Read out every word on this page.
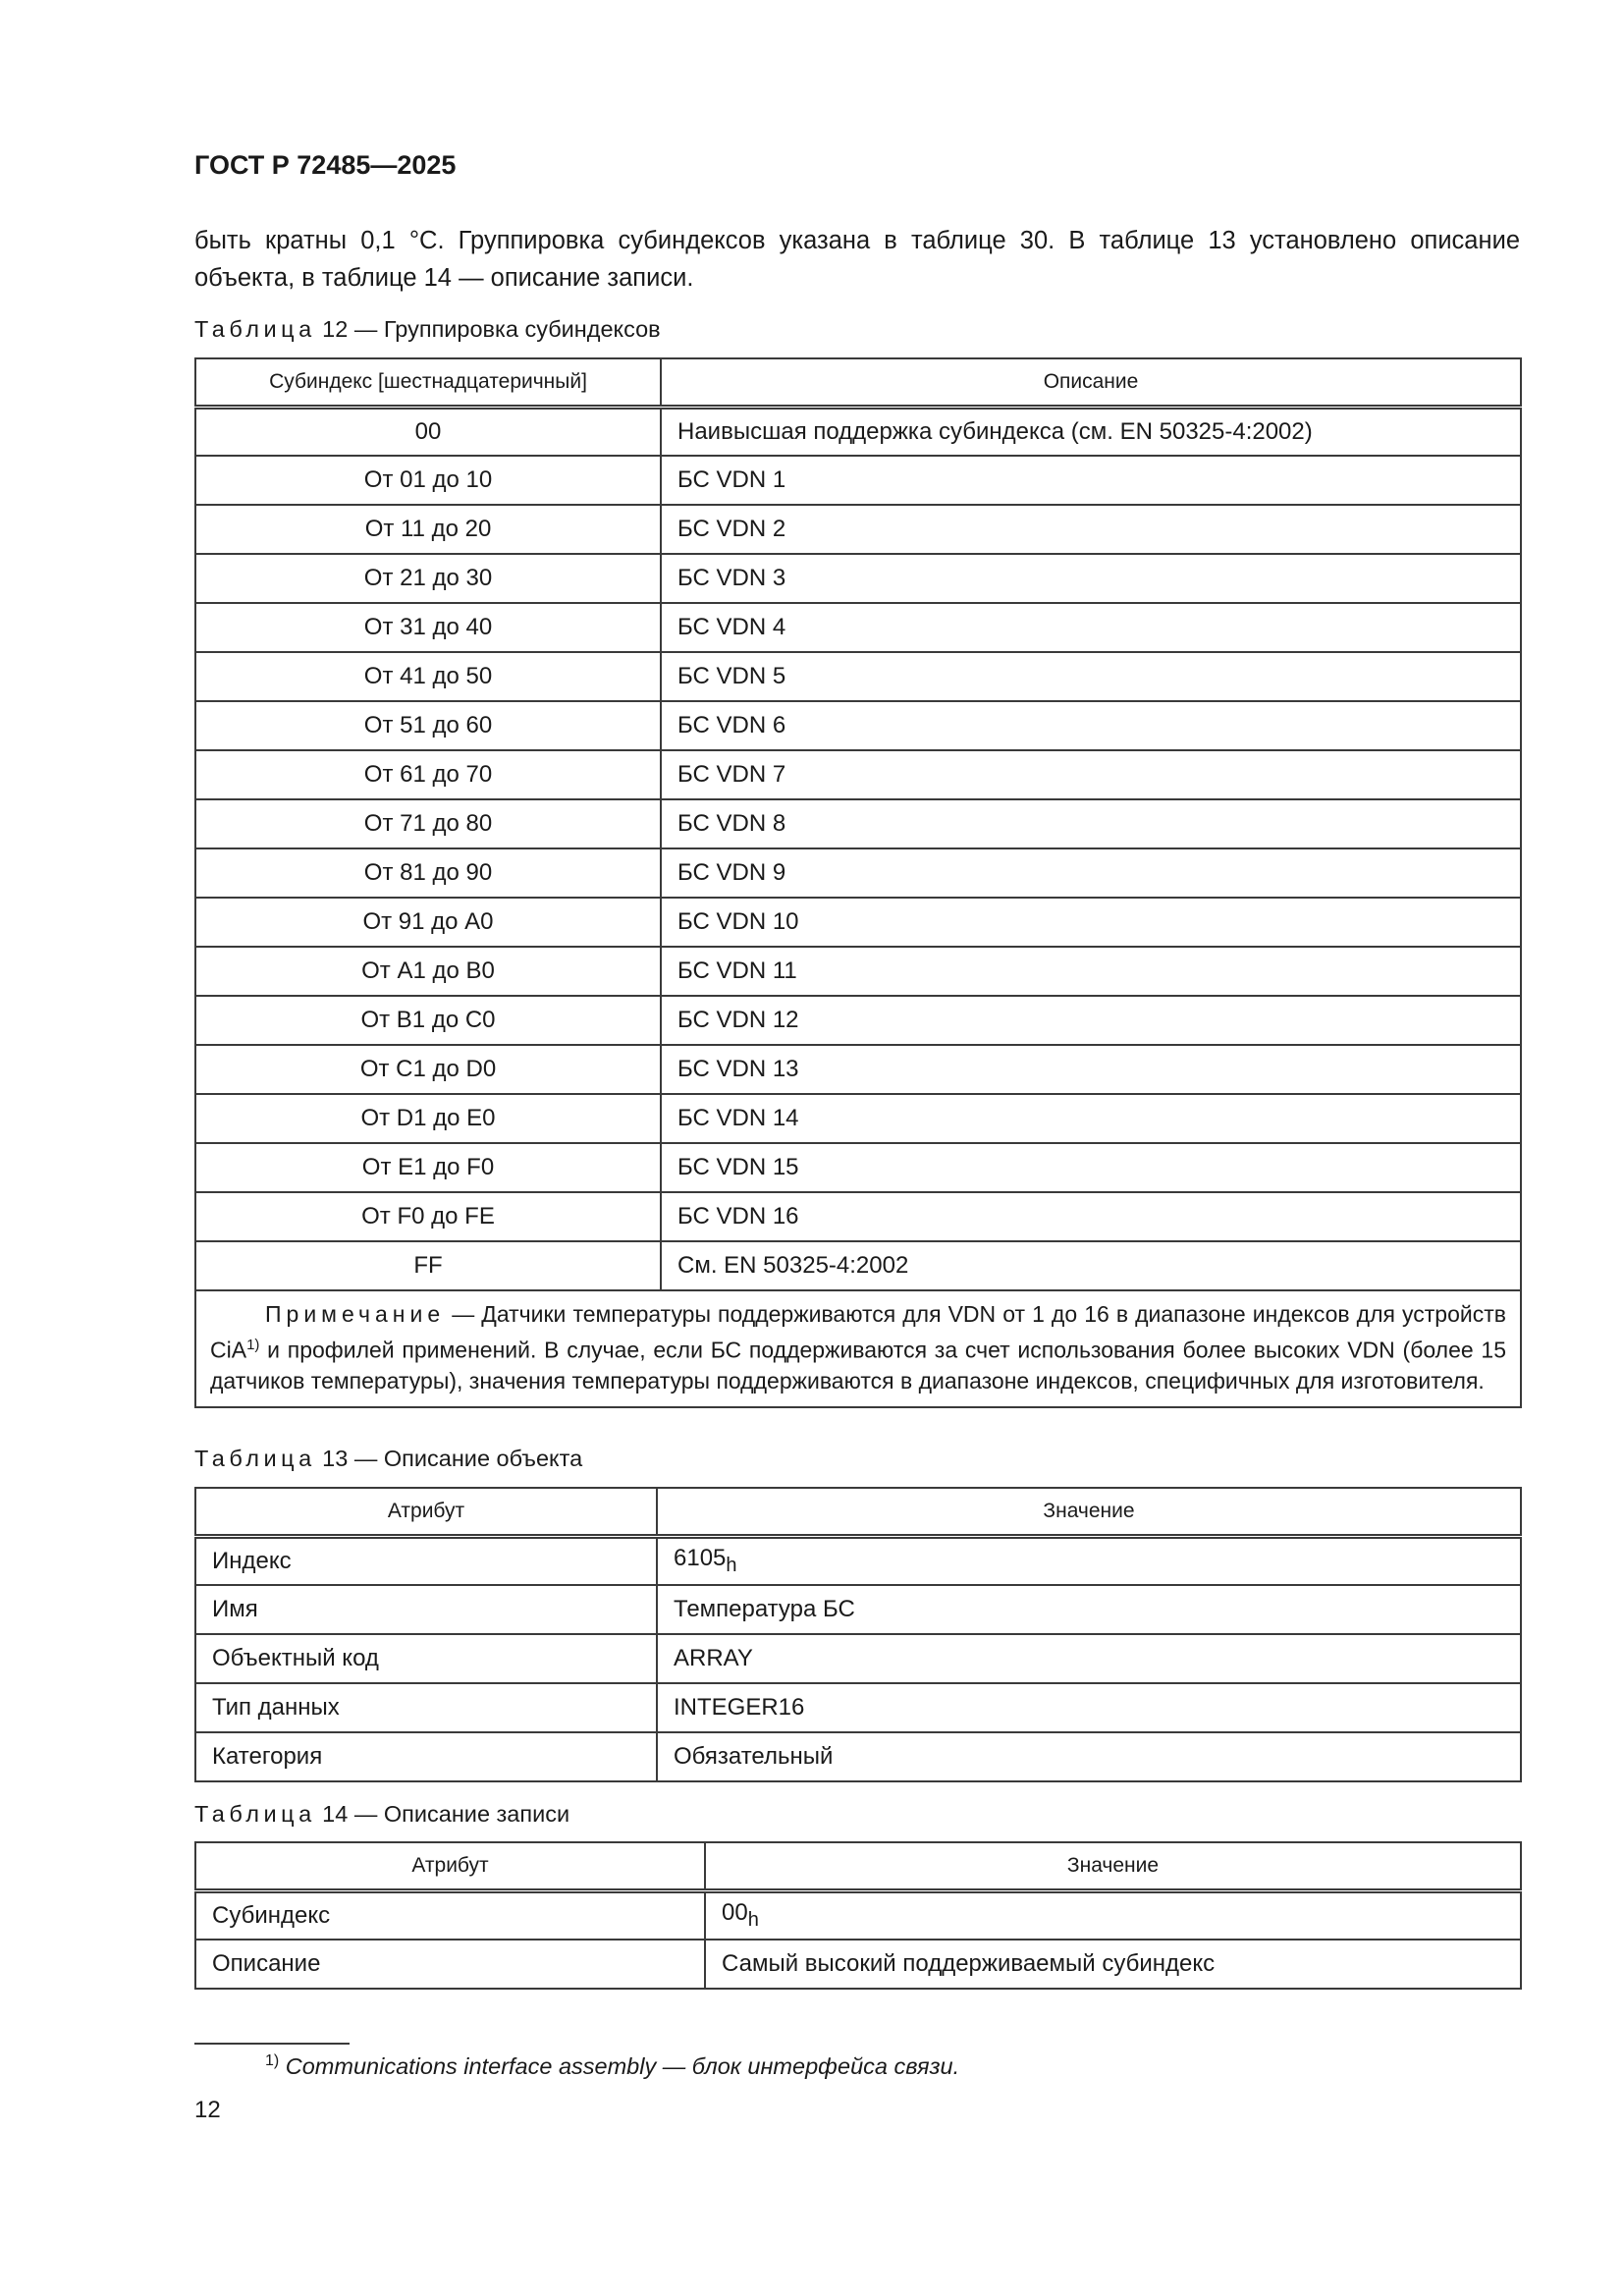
ГОСТ Р 72485—2025
быть кратны 0,1 °С. Группировка субиндексов указана в таблице 30. В таблице 13 установлено описание объекта, в таблице 14 — описание записи.
Таблица 12 — Группировка субиндексов
Субиндекс [шестнадцатеричный]	Описание
00	Наивысшая поддержка субиндекса (см. EN 50325-4:2002)
От 01 до 10	БС VDN 1
От 11 до 20	БС VDN 2
От 21 до 30	БС VDN 3
От 31 до 40	БС VDN 4
От 41 до 50	БС VDN 5
От 51 до 60	БС VDN 6
От 61 до 70	БС VDN 7
От 71 до 80	БС VDN 8
От 81 до 90	БС VDN 9
От 91 до A0	БС VDN 10
От A1 до B0	БС VDN 11
От B1 до C0	БС VDN 12
От C1 до D0	БС VDN 13
От D1 до E0	БС VDN 14
От E1 до F0	БС VDN 15
От F0 до FE	БС VDN 16
FF	См. EN 50325-4:2002
Примечание — Датчики температуры поддерживаются для VDN от 1 до 16 в диапазоне индексов для устройств CiA$^{1)}$ и профилей применений. В случае, если БС поддерживаются за счет использования более высоких VDN (более 15 датчиков температуры), значения температуры поддерживаются в диапазоне индексов, специфичных для изготовителя.	
Таблица 13 — Описание объекта
Атрибут	Значение
Индекс	$6105_h$
Имя	Температура БС
Объектный код	ARRAY
Тип данных	INTEGER16
Категория	Обязательный
Таблица 14 — Описание записи
Атрибут	Значение
Субиндекс	$00_h$
Описание	Самый высокий поддерживаемый субиндекс
$^{1)}$ Communications interface assembly — блок интерфейса связи.
12
